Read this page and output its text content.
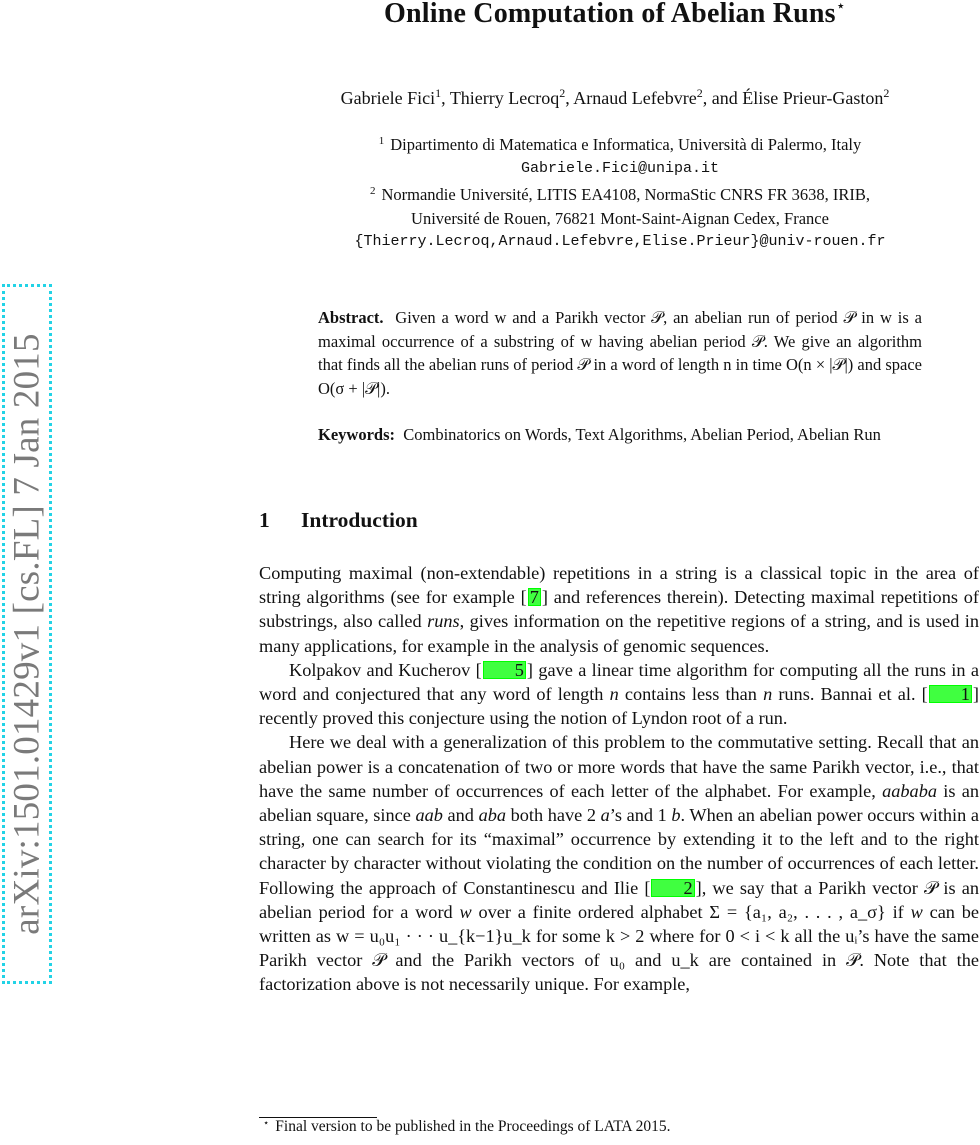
arXiv:1501.01429v1 [cs.FL] 7 Jan 2015
Online Computation of Abelian Runs⋆
Gabriele Fici$^1$, Thierry Lecroq$^2$, Arnaud Lefebvre$^2$, and Élise Prieur-Gaston$^2$
$^1$ Dipartimento di Matematica e Informatica, Università di Palermo, Italy
Gabriele.Fici@unipa.it
$^2$ Normandie Université, LITIS EA4108, NormaStic CNRS FR 3638, IRIB,
Université de Rouen, 76821 Mont-Saint-Aignan Cedex, France
{Thierry.Lecroq,Arnaud.Lefebvre,Elise.Prieur}@univ-rouen.fr

Abstract. Given a word w and a Parikh vector 𝒫, an abelian run of period 𝒫 in w is a maximal occurrence of a substring of w having abelian period 𝒫. We give an algorithm that finds all the abelian runs of period 𝒫 in a word of length n in time O(n × |𝒫|) and space O(σ + |𝒫|).

Keywords: Combinatorics on Words, Text Algorithms, Abelian Period, Abelian Run

1 Introduction

Computing maximal (non-extendable) repetitions in a string is a classical topic in the area of string algorithms (see for example [ 7 ] and references therein). Detecting maximal repetitions of substrings, also called runs, gives information on the repetitive regions of a string, and is used in many applications, for example in the analysis of genomic sequences.

Kolpakov and Kucherov [ 5 ] gave a linear time algorithm for computing all the runs in a word and conjectured that any word of length n contains less than n runs. Bannai et al. [ 1 ] recently proved this conjecture using the notion of Lyndon root of a run.

Here we deal with a generalization of this problem to the commutative setting. Recall that an abelian power is a concatenation of two or more words that have the same Parikh vector, i.e., that have the same number of occurrences of each letter of the alphabet. For example, aababa is an abelian square, since aab and aba both have 2 a’s and 1 b. When an abelian power occurs within a string, one can search for its “maximal” occurrence by extending it to the left and to the right character by character without violating the condition on the number of occurrences of each letter. Following the approach of Constantinescu and Ilie [ 2 ] , we say that a Parikh vector 𝒫 is an abelian period for a word w over a finite ordered alphabet Σ = {a₁, a₂, . . . , a_σ} if w can be written as w = u₀u₁ · · · u_{k−1}u_k for some k > 2 where for 0 < i < k all the uᵢ’s have the same Parikh vector 𝒫 and the Parikh vectors of u₀ and u_k are contained in 𝒫. Note that the factorization above is not necessarily unique. For example,

⋆ Final version to be published in the Proceedings of LATA 2015.
